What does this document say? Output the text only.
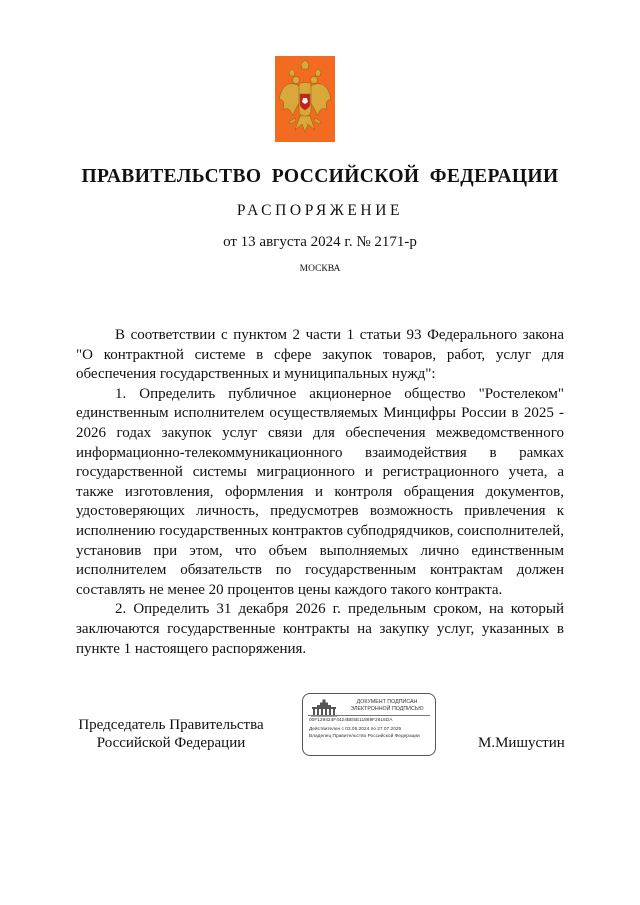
ПРАВИТЕЛЬСТВО РОССИЙСКОЙ ФЕДЕРАЦИИ
РАСПОРЯЖЕНИЕ
от 13 августа 2024 г. № 2171-р
МОСКВА

В соответствии с пунктом 2 части 1 статьи 93 Федерального закона "О контрактной системе в сфере закупок товаров, работ, услуг для обеспечения государственных и муниципальных нужд":

1. Определить публичное акционерное общество "Ростелеком" единственным исполнителем осуществляемых Минцифры России в 2025 - 2026 годах закупок услуг связи для обеспечения межведомственного информационно-телекоммуникационного взаимодействия в рамках государственной системы миграционного и регистрационного учета, а также изготовления, оформления и контроля обращения документов, удостоверяющих личность, предусмотрев возможность привлечения к исполнению государственных контрактов субподрядчиков, соисполнителей, установив при этом, что объем выполняемых лично единственным исполнителем обязательств по государственным контрактам должен составлять не менее 20 процентов цены каждого такого контракта.

2. Определить 31 декабря 2026 г. предельным сроком, на который заключаются государственные контракты на закупку услуг, указанных в пункте 1 настоящего распоряжения.

Председатель Правительства
Российской Федерации
ДОКУМЕНТ ПОДПИСАН
ЭЛЕКТРОННОЙ ПОДПИСЬЮ
00F129424F4424BE5E11869F2616DA
Действителен с 03.05.2024 по 27.07.2025
Владелец Правительство Российской Федерации	М.Мишустин
